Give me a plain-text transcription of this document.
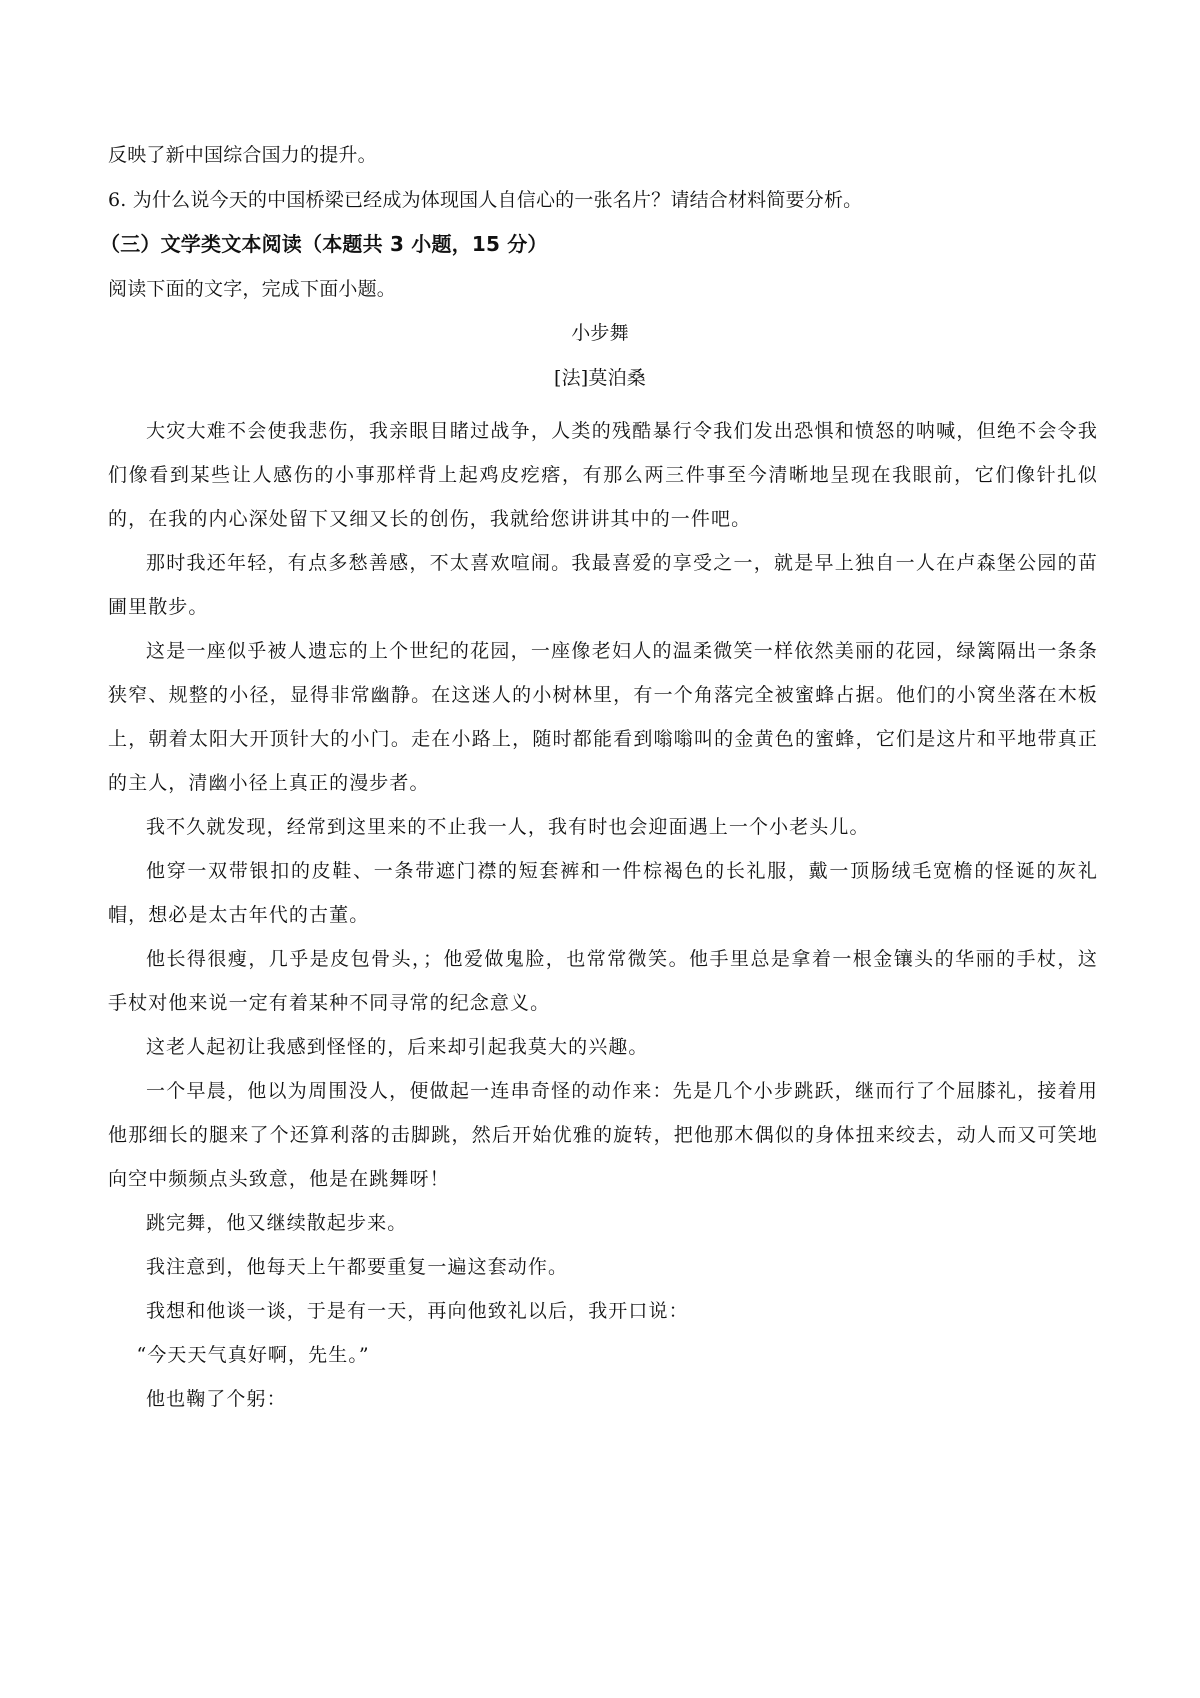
反映了新中国综合国力的提升。
6. 为什么说今天的中国桥梁已经成为体现国人自信心的一张名片？请结合材料简要分析。
（三）文学类文本阅读（本题共 3 小题，15 分）
阅读下面的文字，完成下面小题。
小步舞
[法]莫泊桑
大灾大难不会使我悲伤，我亲眼目睹过战争，人类的残酷暴行令我们发出恐惧和愤怒的呐喊，但绝不会令我们像看到某些让人感伤的小事那样背上起鸡皮疙瘩，有那么两三件事至今清晰地呈现在我眼前，它们像针扎似的，在我的内心深处留下又细又长的创伤，我就给您讲讲其中的一件吧。
那时我还年轻，有点多愁善感，不太喜欢喧闹。我最喜爱的享受之一，就是早上独自一人在卢森堡公园的苗圃里散步。
这是一座似乎被人遗忘的上个世纪的花园，一座像老妇人的温柔微笑一样依然美丽的花园，绿篱隔出一条条狭窄、规整的小径，显得非常幽静。在这迷人的小树林里，有一个角落完全被蜜蜂占据。他们的小窝坐落在木板上，朝着太阳大开顶针大的小门。走在小路上，随时都能看到嗡嗡叫的金黄色的蜜蜂，它们是这片和平地带真正的主人，清幽小径上真正的漫步者。
我不久就发现，经常到这里来的不止我一人，我有时也会迎面遇上一个小老头儿。
他穿一双带银扣的皮鞋、一条带遮门襟的短套裤和一件棕褐色的长礼服，戴一顶肠绒毛宽檐的怪诞的灰礼帽，想必是太古年代的古董。
他长得很瘦，几乎是皮包骨头，；他爱做鬼脸，也常常微笑。他手里总是拿着一根金镶头的华丽的手杖，这手杖对他来说一定有着某种不同寻常的纪念意义。
这老人起初让我感到怪怪的，后来却引起我莫大的兴趣。
一个早晨，他以为周围没人，便做起一连串奇怪的动作来：先是几个小步跳跃，继而行了个屈膝礼，接着用他那细长的腿来了个还算利落的击脚跳，然后开始优雅的旋转，把他那木偶似的身体扭来绞去，动人而又可笑地向空中频频点头致意，他是在跳舞呀！
跳完舞，他又继续散起步来。
我注意到，他每天上午都要重复一遍这套动作。
我想和他谈一谈，于是有一天，再向他致礼以后，我开口说：
“今天天气真好啊，先生。”
他也鞠了个躬：
